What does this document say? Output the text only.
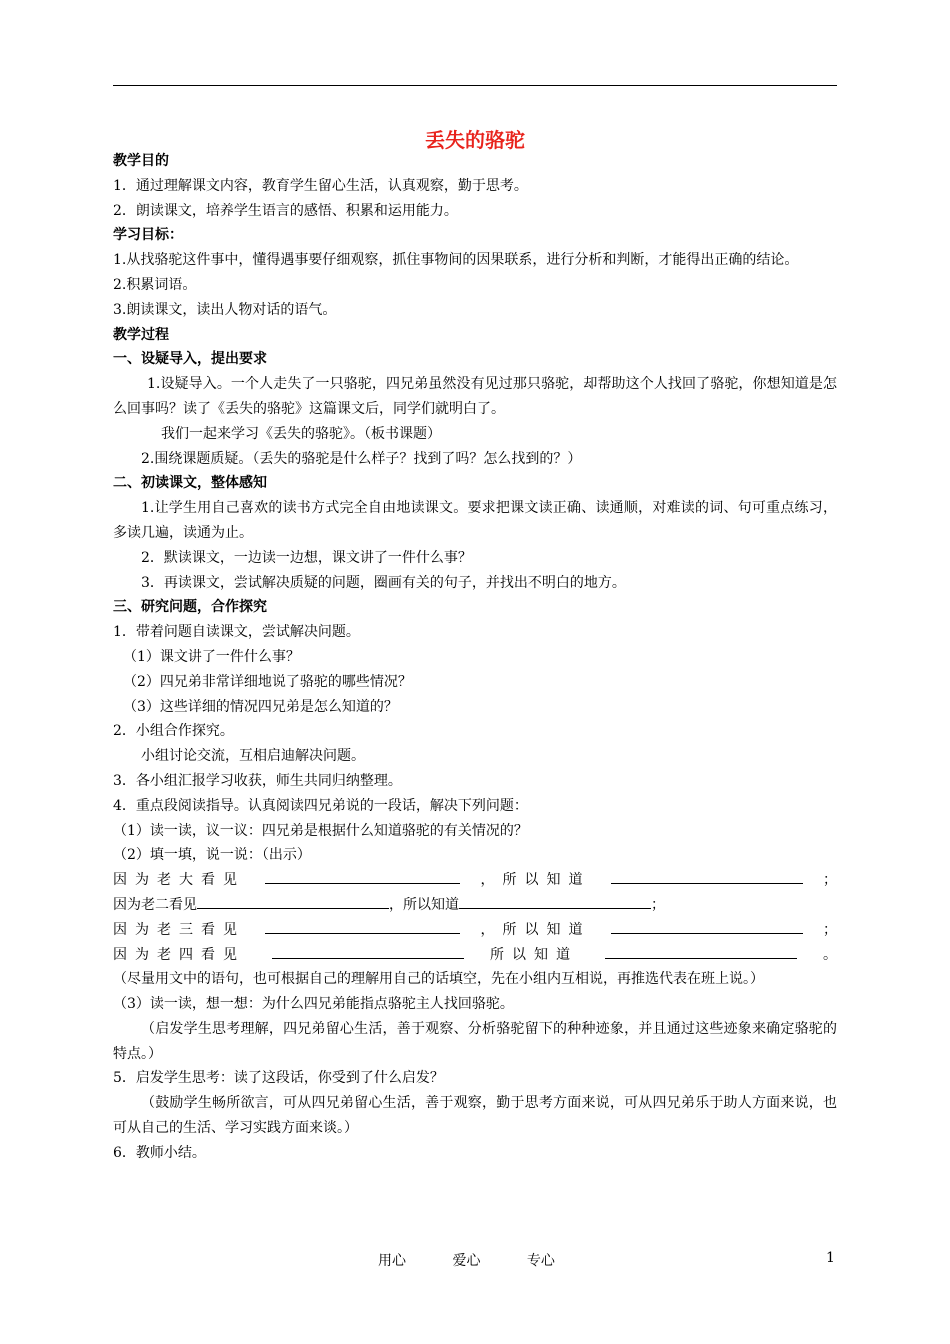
丢失的骆驼
教学目的
1．通过理解课文内容，教育学生留心生活，认真观察，勤于思考。
2．朗读课文，培养学生语言的感悟、积累和运用能力。
学习目标：
1.从找骆驼这件事中，懂得遇事要仔细观察，抓住事物间的因果联系，进行分析和判断，才能得出正确的结论。
2.积累词语。
3.朗读课文，读出人物对话的语气。
教学过程
一、设疑导入，提出要求
1.设疑导入。一个人走失了一只骆驼，四兄弟虽然没有见过那只骆驼，却帮助这个人找回了骆驼，你想知道是怎么回事吗？读了《丢失的骆驼》这篇课文后，同学们就明白了。
我们一起来学习《丢失的骆驼》。（板书课题）
2.围绕课题质疑。（丢失的骆驼是什么样子？找到了吗？怎么找到的？）
二、初读课文，整体感知
1.让学生用自己喜欢的读书方式完全自由地读课文。要求把课文读正确、读通顺，对难读的词、句可重点练习，多读几遍，读通为止。
2．默读课文，一边读一边想，课文讲了一件什么事？
3．再读课文，尝试解决质疑的问题，圈画有关的句子，并找出不明白的地方。
三、研究问题，合作探究
1．带着问题自读课文，尝试解决问题。
（1）课文讲了一件什么事？
（2）四兄弟非常详细地说了骆驼的哪些情况？
（3）这些详细的情况四兄弟是怎么知道的？
2．小组合作探究。
小组讨论交流，互相启迪解决问题。
3．各小组汇报学习收获，师生共同归纳整理。
4．重点段阅读指导。认真阅读四兄弟说的一段话，解决下列问题：
（1）读一读，议一议：四兄弟是根据什么知道骆驼的有关情况的？
（2）填一填，说一说：（出示）
因为老大看见	，所以知道	；
因为老二看见	，所以知道	；
因为老三看见	，所以知道	；
因为老四看见	所以知道	。
（尽量用文中的语句，也可根据自己的理解用自己的话填空，先在小组内互相说，再推选代表在班上说。）
（3）读一读，想一想：为什么四兄弟能指点骆驼主人找回骆驼。
（启发学生思考理解，四兄弟留心生活，善于观察、分析骆驼留下的种种迹象，并且通过这些迹象来确定骆驼的特点。）
5．启发学生思考：读了这段话，你受到了什么启发？
（鼓励学生畅所欲言，可从四兄弟留心生活，善于观察，勤于思考方面来说，可从四兄弟乐于助人方面来说，也可从自己的生活、学习实践方面来谈。）
6．教师小结。
用心	爱心	专心	1
